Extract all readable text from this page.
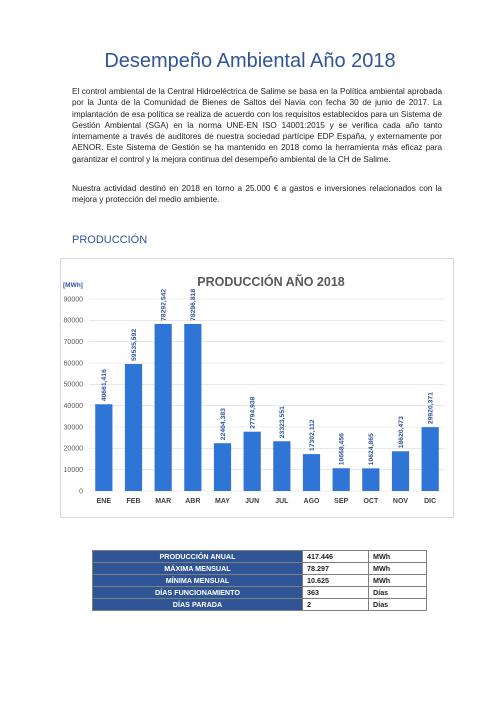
Desempeño Ambiental Año 2018

El control ambiental de la Central Hidroeléctrica de Salime se basa en la Política ambiental aprobada por la Junta de la Comunidad de Bienes de Saltos del Navia con fecha 30 de junio de 2017. La implantación de esa política se realiza de acuerdo con los requisitos establecidos para un Sistema de Gestión Ambiental (SGA) en la norma UNE-EN ISO 14001:2015 y se verifica cada año tanto internamente a través de auditores de nuestra sociedad partícipe EDP España, y externamente por AENOR. Este Sistema de Gestión se ha mantenido en 2018 como la herramienta más eficaz para garantizar el control y la mejora continua del desempeño ambiental de la CH de Salime.

Nuestra actividad destinó en 2018 en torno a 25.000 € a gastos e inversiones relacionados con la mejora y protección del medio ambiente.

PRODUCCIÓN
PRODUCCIÓN AÑO 2018
[MWh]
0
10000
20000
30000
40000
50000
60000
70000
80000
90000
40661,416
59535,592
78292,542	78296,818
22404,383	27794,938	23323,551	17302,112	10668,456	10624,865
18620,473
29920,371
ENE FEB MAR ABR MAY JUN JUL AGO SEP OCT NOV DIC
PRODUCCIÓN ANUAL	417.446	MWh
MÁXIMA MENSUAL	78.297	MWh
MÍNIMA MENSUAL	10.625	MWh
DÍAS FUNCIONAMIENTO	363	Días
DÍAS PARADA	2	Días
